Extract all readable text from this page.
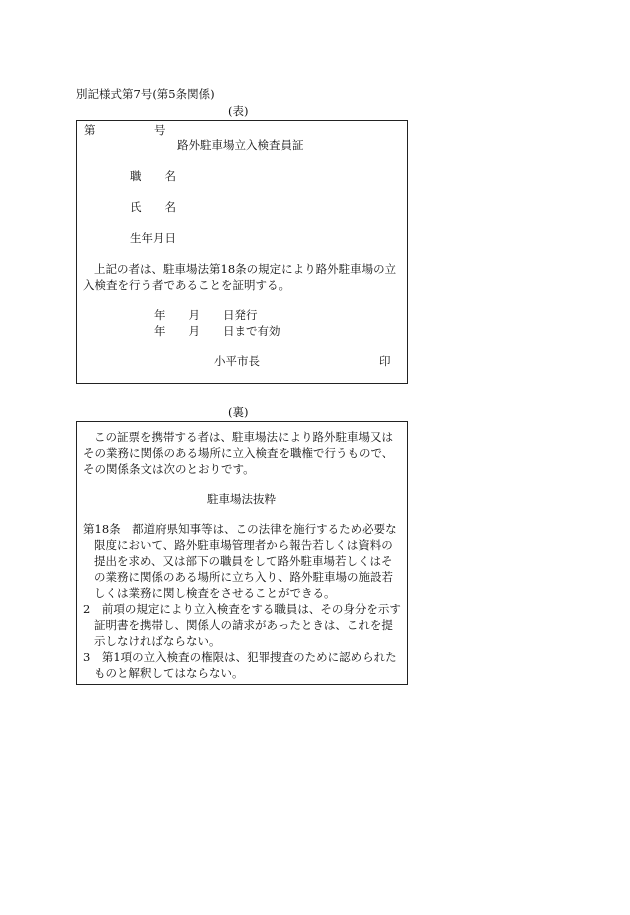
別記様式第7号(第5条関係)
(表)
第	号
路外駐車場立入検査員証
職　　名
氏　　名
生年月日
上記の者は、駐車場法第18条の規定により路外駐車場の立
入検査を行う者であることを証明する。
年　　月　　日発行
年　　月　　日まで有効
小平市長	印
(裏)
この証票を携帯する者は、駐車場法により路外駐車場又は
その業務に関係のある場所に立入検査を職権で行うもので、
その関係条文は次のとおりです。
駐車場法抜粋
第18条　都道府県知事等は、この法律を施行するため必要な
限度において、路外駐車場管理者から報告若しくは資料の
提出を求め、又は部下の職員をして路外駐車場若しくはそ
の業務に関係のある場所に立ち入り、路外駐車場の施設若
しくは業務に関し検査をさせることができる。
2　前項の規定により立入検査をする職員は、その身分を示す
証明書を携帯し、関係人の請求があったときは、これを提
示しなければならない。
3　第1項の立入検査の権限は、犯罪捜査のために認められた
ものと解釈してはならない。
